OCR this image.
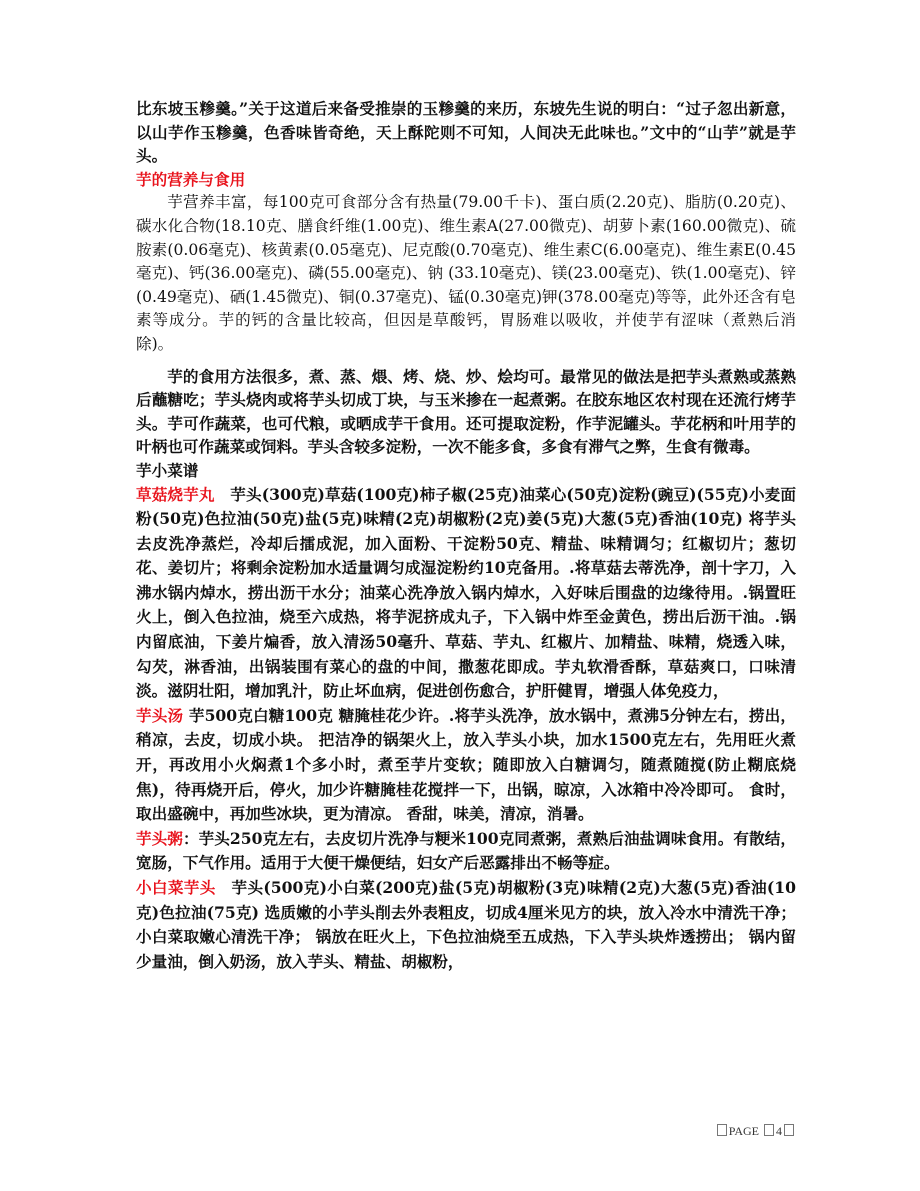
比东坡玉糁羹。”关于这道后来备受推崇的玉糁羹的来历，东坡先生说的明白：“过子忽出新意，以山芋作玉糁羹，色香味皆奇绝，天上酥陀则不可知，人间决无此味也。”文中的“山芋”就是芋头。

芋的营养与食用

芋营养丰富，每100克可食部分含有热量(79.00千卡)、蛋白质(2.20克)、脂肪(0.20克)、碳水化合物(18.10克、膳食纤维(1.00克)、维生素A(27.00微克)、胡萝卜素(160.00微克)、硫胺素(0.06毫克)、核黄素(0.05毫克)、尼克酸(0.70毫克)、维生素C(6.00毫克)、维生素E(0.45毫克)、钙(36.00毫克)、磷(55.00毫克)、钠 (33.10毫克)、镁(23.00毫克)、铁(1.00毫克)、锌(0.49毫克)、硒(1.45微克)、铜(0.37毫克)、锰(0.30毫克)钾(378.00毫克)等等，此外还含有皂素等成分。芋的钙的含量比较高，但因是草酸钙，胃肠难以吸收，并使芋有涩味（煮熟后消除)。

芋的食用方法很多，煮、蒸、煨、烤、烧、炒、烩均可。最常见的做法是把芋头煮熟或蒸熟后蘸糖吃；芋头烧肉或将芋头切成丁块，与玉米掺在一起煮粥。在胶东地区农村现在还流行烤芋头。芋可作蔬菜，也可代粮，或晒成芋干食用。还可提取淀粉，作芋泥罐头。芋花柄和叶用芋的叶柄也可作蔬菜或饲料。芋头含较多淀粉，一次不能多食，多食有滞气之弊，生食有微毒。

芋小菜谱

草菇烧芋丸　芋头(300克)草菇(100克)柿子椒(25克)油菜心(50克)淀粉(豌豆)(55克)小麦面粉(50克)色拉油(50克)盐(5克)味精(2克)胡椒粉(2克)姜(5克)大葱(5克)香油(10克) 将芋头去皮洗净蒸烂，冷却后擂成泥，加入面粉、干淀粉50克、精盐、味精调匀；红椒切片；葱切花、姜切片；将剩余淀粉加水适量调匀成湿淀粉约10克备用。.将草菇去蒂洗净，剖十字刀，入沸水锅内焯水，捞出沥干水分；油菜心洗净放入锅内焯水，入好味后围盘的边缘待用。.锅置旺火上，倒入色拉油，烧至六成热，将芋泥挤成丸子，下入锅中炸至金黄色，捞出后沥干油。.锅内留底油，下姜片煸香，放入清汤50毫升、草菇、芋丸、红椒片、加精盐、味精，烧透入味，勾芡，淋香油，出锅装围有菜心的盘的中间，撒葱花即成。芋丸软滑香酥，草菇爽口，口味清淡。滋阴壮阳，增加乳汁，防止坏血病，促进创伤愈合，护肝健胃，增强人体免疫力，

芋头汤 芋500克白糖100克 糖腌桂花少许。.将芋头洗净，放水锅中，煮沸5分钟左右，捞出，稍凉，去皮，切成小块。 把洁净的锅架火上，放入芋头小块，加水1500克左右，先用旺火煮开，再改用小火焖煮1个多小时，煮至芋片变软；随即放入白糖调匀，随煮随搅(防止糊底烧焦)，待再烧开后，停火，加少许糖腌桂花搅拌一下，出锅，晾凉，入冰箱中冷冷即可。 食时，取出盛碗中，再加些冰块，更为清凉。 香甜，味美，清凉，消暑。

芋头粥：芋头250克左右，去皮切片洗净与粳米100克同煮粥，煮熟后油盐调味食用。有散结，宽肠，下气作用。适用于大便干燥便结，妇女产后恶露排出不畅等症。

小白菜芋头　芋头(500克)小白菜(200克)盐(5克)胡椒粉(3克)味精(2克)大葱(5克)香油(10克)色拉油(75克) 选质嫩的小芋头削去外表粗皮，切成4厘米见方的块，放入冷水中清洗干净；小白菜取嫩心清洗干净； 锅放在旺火上，下色拉油烧至五成热，下入芋头块炸透捞出； 锅内留少量油，倒入奶汤，放入芋头、精盐、胡椒粉，

PAGE 4
